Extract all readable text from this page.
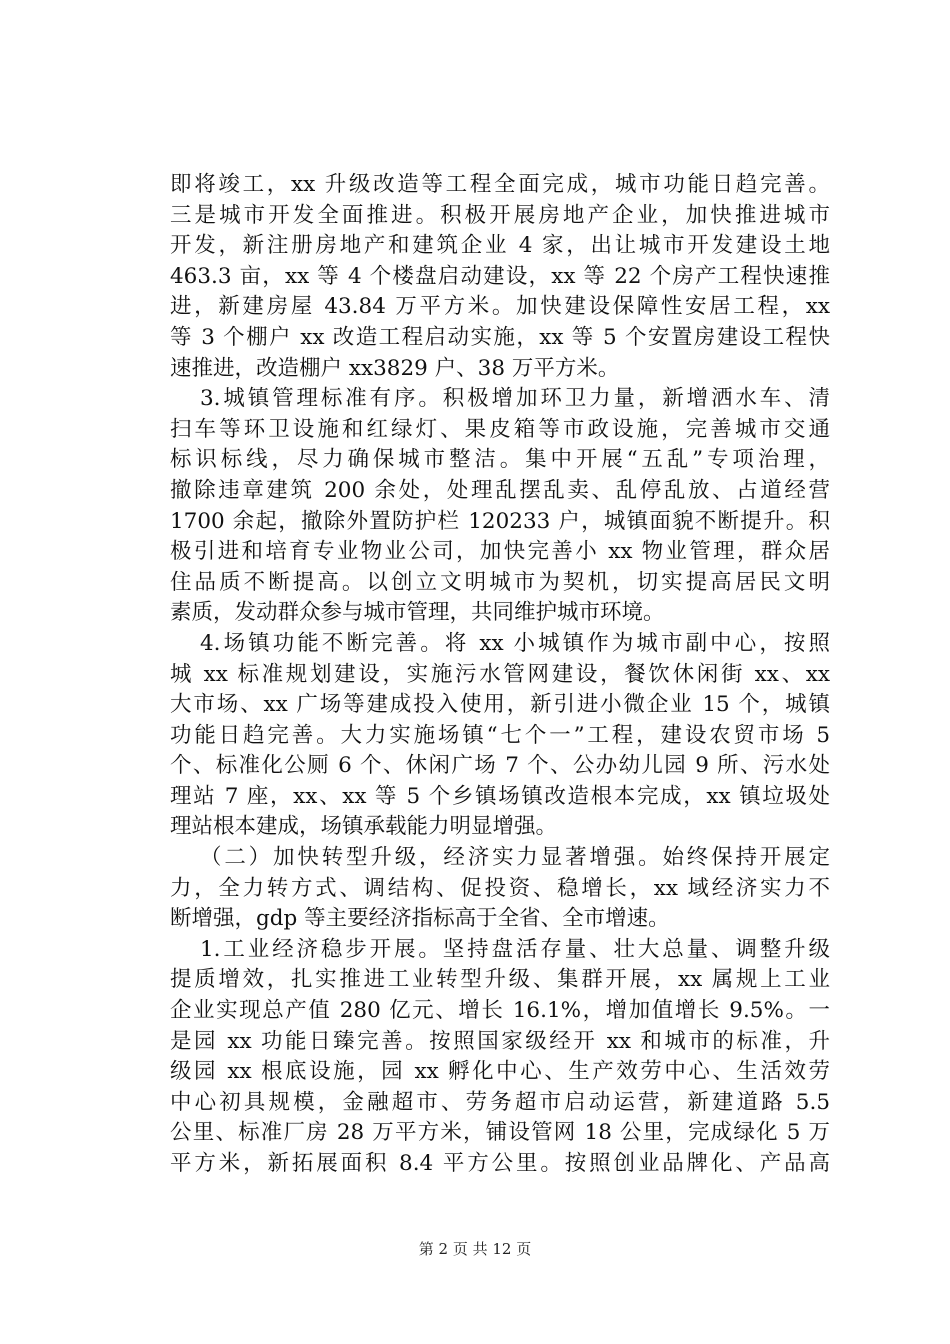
即将竣工，xx 升级改造等工程全面完成，城市功能日趋完善。
三是城市开发全面推进。积极开展房地产企业，加快推进城市
开发，新注册房地产和建筑企业 4 家，出让城市开发建设土地
463.3 亩，xx 等 4 个楼盘启动建设，xx 等 22 个房产工程快速推
进，新建房屋 43.84 万平方米。加快建设保障性安居工程，xx
等 3 个棚户 xx 改造工程启动实施，xx 等 5 个安置房建设工程快
速推进，改造棚户 xx3829 户、38 万平方米。
3.城镇管理标准有序。积极增加环卫力量，新增洒水车、清
扫车等环卫设施和红绿灯、果皮箱等市政设施，完善城市交通
标识标线，尽力确保城市整洁。集中开展“五乱”专项治理，
撤除违章建筑 200 余处，处理乱摆乱卖、乱停乱放、占道经营
1700 余起，撤除外置防护栏 120233 户，城镇面貌不断提升。积
极引进和培育专业物业公司，加快完善小 xx 物业管理，群众居
住品质不断提高。以创立文明城市为契机，切实提高居民文明
素质，发动群众参与城市管理，共同维护城市环境。
4.场镇功能不断完善。将 xx 小城镇作为城市副中心，按照
城 xx 标准规划建设，实施污水管网建设，餐饮休闲街 xx、xx
大市场、xx 广场等建成投入使用，新引进小微企业 15 个，城镇
功能日趋完善。大力实施场镇“七个一”工程，建设农贸市场 5
个、标准化公厕 6 个、休闲广场 7 个、公办幼儿园 9 所、污水处
理站 7 座，xx、xx 等 5 个乡镇场镇改造根本完成，xx 镇垃圾处
理站根本建成，场镇承载能力明显增强。
（二）加快转型升级，经济实力显著增强。始终保持开展定
力，全力转方式、调结构、促投资、稳增长，xx 域经济实力不
断增强，gdp 等主要经济指标高于全省、全市增速。
1.工业经济稳步开展。坚持盘活存量、壮大总量、调整升级
提质增效，扎实推进工业转型升级、集群开展，xx 属规上工业
企业实现总产值 280 亿元、增长 16.1%，增加值增长 9.5%。一
是园 xx 功能日臻完善。按照国家级经开 xx 和城市的标准，升
级园 xx 根底设施，园 xx 孵化中心、生产效劳中心、生活效劳
中心初具规模，金融超市、劳务超市启动运营，新建道路 5.5
公里、标准厂房 28 万平方米，铺设管网 18 公里，完成绿化 5 万
平方米，新拓展面积 8.4 平方公里。按照创业品牌化、产品高
第 2 页 共 12 页
